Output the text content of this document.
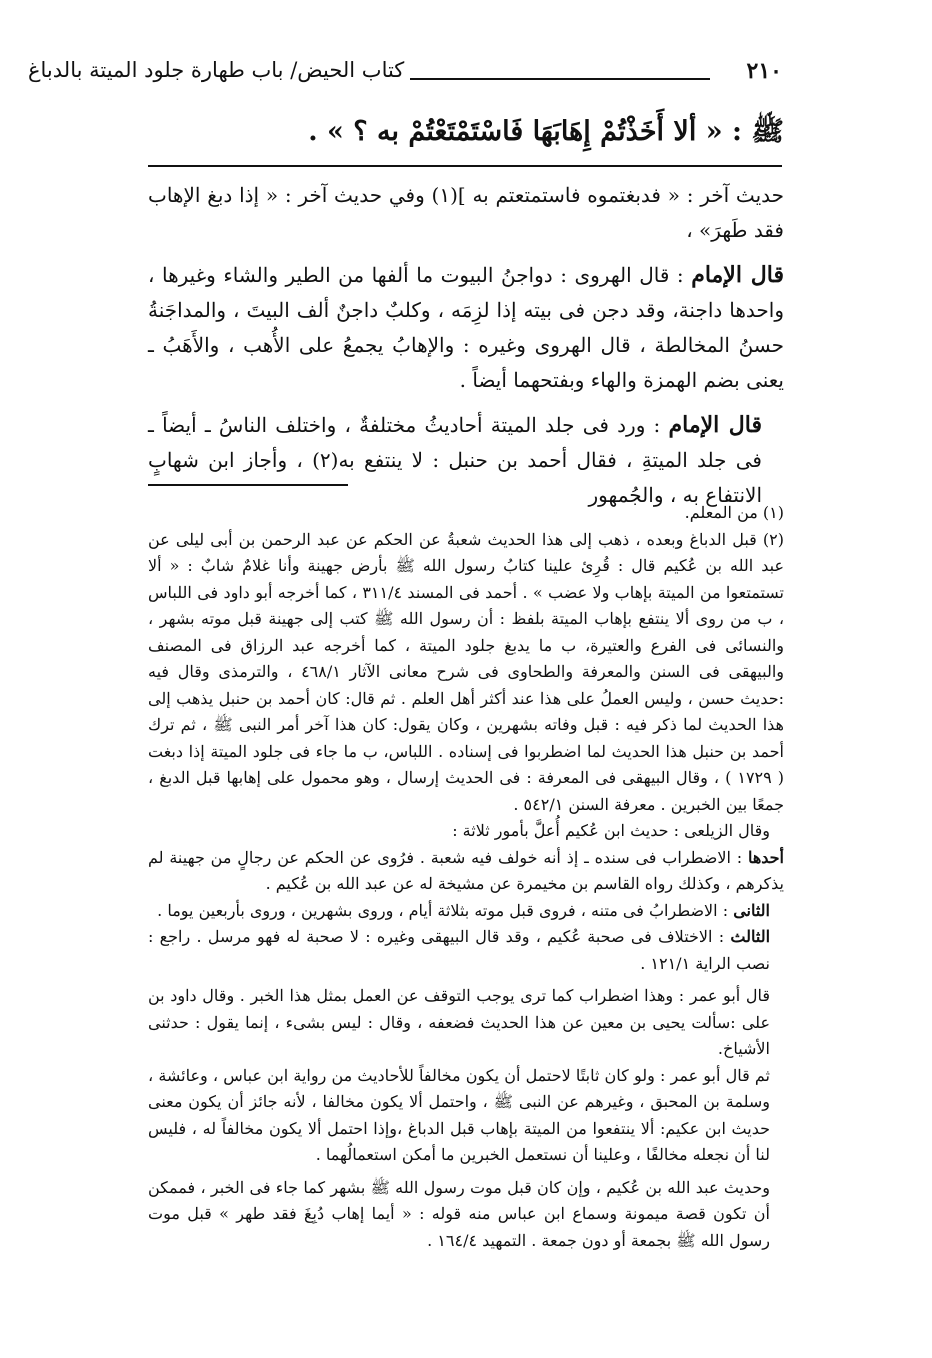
٢١٠
كتاب الحيض/ باب طهارة جلود الميتة بالدباغ
ﷺ : « ألا أَخَذْتُمْ إِهَابَهَا فَاسْتَمْتَعْتُمْ به ؟ » .

حديث آخر : « فدبغتموه فاستمتعتم به ](١) وفي حديث آخر : « إذا دبغ الإهاب فقد طَهرَ» ،

قال الإمام : قال الهروى : دواجنُ البيوت ما ألفها من الطير والشاء وغيرها ، واحدها داجنة، وقد دجن فى بيته إذا لزِمَه ، وكلبٌ داجنٌ ألف البيتَ ، والمداجَنةُ حسنُ المخالطة ، قال الهروى وغيره : والإهابُ يجمعُ على الأُهب ، والأَهَبُ ـ يعنى بضم الهمزة والهاء وبفتحهما أيضاً .

قال الإمام : ورد فى جلد الميتة أحاديثُ مختلفةٌ ، واختلف الناسُ ـ أيضاً ـ فى جلد الميتةِ ، فقال أحمد بن حنبل : لا ينتفع به(٢) ، وأجاز ابن شهابٍ الانتفاع به ، والجُمهور

(١) من المعلم.

(٢) قبل الدباغ وبعده ، ذهب إلى هذا الحديث شعبةُ عن الحكم عن عبد الرحمن بن أبى ليلى عن عبد الله بن عُكيم قال : قُرِئ علينا كتابُ رسول الله ﷺ بأرض جهينة وأنا غلامٌ شابٌ : « ألا تستمتعوا من الميتة بإهاب ولا عضب » . أحمد فى المسند ٣١١/٤ ، كما أخرجه أبو داود فى اللباس ، ب من روى ألا ينتفع بإهاب الميتة بلفظ : أن رسول الله ﷺ كتب إلى جهينة قبل موته بشهر ، والنسائى فى الفرع والعتيرة، ب ما يدبغ جلود الميتة ، كما أخرجه عبد الرزاق فى المصنف والبيهقى فى السنن والمعرفة والطحاوى فى شرح معانى الآثار ٤٦٨/١ ، والترمذى وقال فيه :حديث حسن ، وليس العملُ على هذا عند أكثر أهل العلم . ثم قال: كان أحمد بن حنبل يذهب إلى هذا الحديث لما ذكر فيه : قبل وفاته بشهرين ، وكان يقول: كان هذا آخر أمر النبى ﷺ ، ثم ترك أحمد بن حنبل هذا الحديث لما اضطربوا فى إسناده . اللباس، ب ما جاء فى جلود الميتة إذا دبغت ( ١٧٢٩ ) ، وقال البيهقى فى المعرفة : فى الحديث إرسال ، وهو محمول على إهابها قبل الدبغ ، جمعًا بين الخبرين . معرفة السنن ٥٤٢/١ .

وقال الزيلعى : حديث ابن عُكيم أُعلَّ بأمور ثلاثة :

أحدها : الاضطراب فى سنده ـ إذ أنه خولف فيه شعبة . فرُوى عن الحكم عن رجالٍ من جهينة لم يذكرهم ، وكذلك رواه القاسم بن مخيمرة عن مشيخة له عن عبد الله بن عُكيم .

الثانى : الاضطرابُ فى متنه ، فروى قبل موته بثلاثة أيام ، وروى بشهرين ، وروى بأربعين يوما .

الثالث : الاختلاف فى صحبة عُكيم ، وقد قال البيهقى وغيره : لا صحبة له فهو مرسل . راجع : نصب الراية ١٢١/١ .

قال أبو عمر : وهذا اضطراب كما ترى يوجب التوقف عن العمل بمثل هذا الخبر . وقال داود بن على :سألت يحيى بن معين عن هذا الحديث فضعفه ، وقال : ليس بشىء ، إنما يقول : حدثنى الأشياخ.

ثم قال أبو عمر : ولو كان ثابتًا لاحتمل أن يكون مخالفاً للأحاديث من رواية ابن عباس ، وعائشة ، وسلمة بن المحبق ، وغيرهم عن النبى ﷺ ، واحتمل ألا يكون مخالفا ، لأنه جائز أن يكون معنى حديث ابن عكيم: ألا ينتفعوا من الميتة بإهاب قبل الدباغ ،وإذا احتمل ألا يكون مخالفاً له ، فليس لنا أن نجعله مخالفًا ، وعلينا أن نستعمل الخبرين ما أمكن استعمالُهما .

وحديث عبد الله بن عُكيم ، وإن كان قبل موت رسول الله ﷺ بشهر كما جاء فى الخبر ، فممكن أن تكون قصة ميمونة وسماع ابن عباس منه قوله : « أيما إهاب دُبِغَ فقد طهر » قبل موت رسول الله ﷺ بجمعة أو دون جمعة . التمهيد ١٦٤/٤ .
